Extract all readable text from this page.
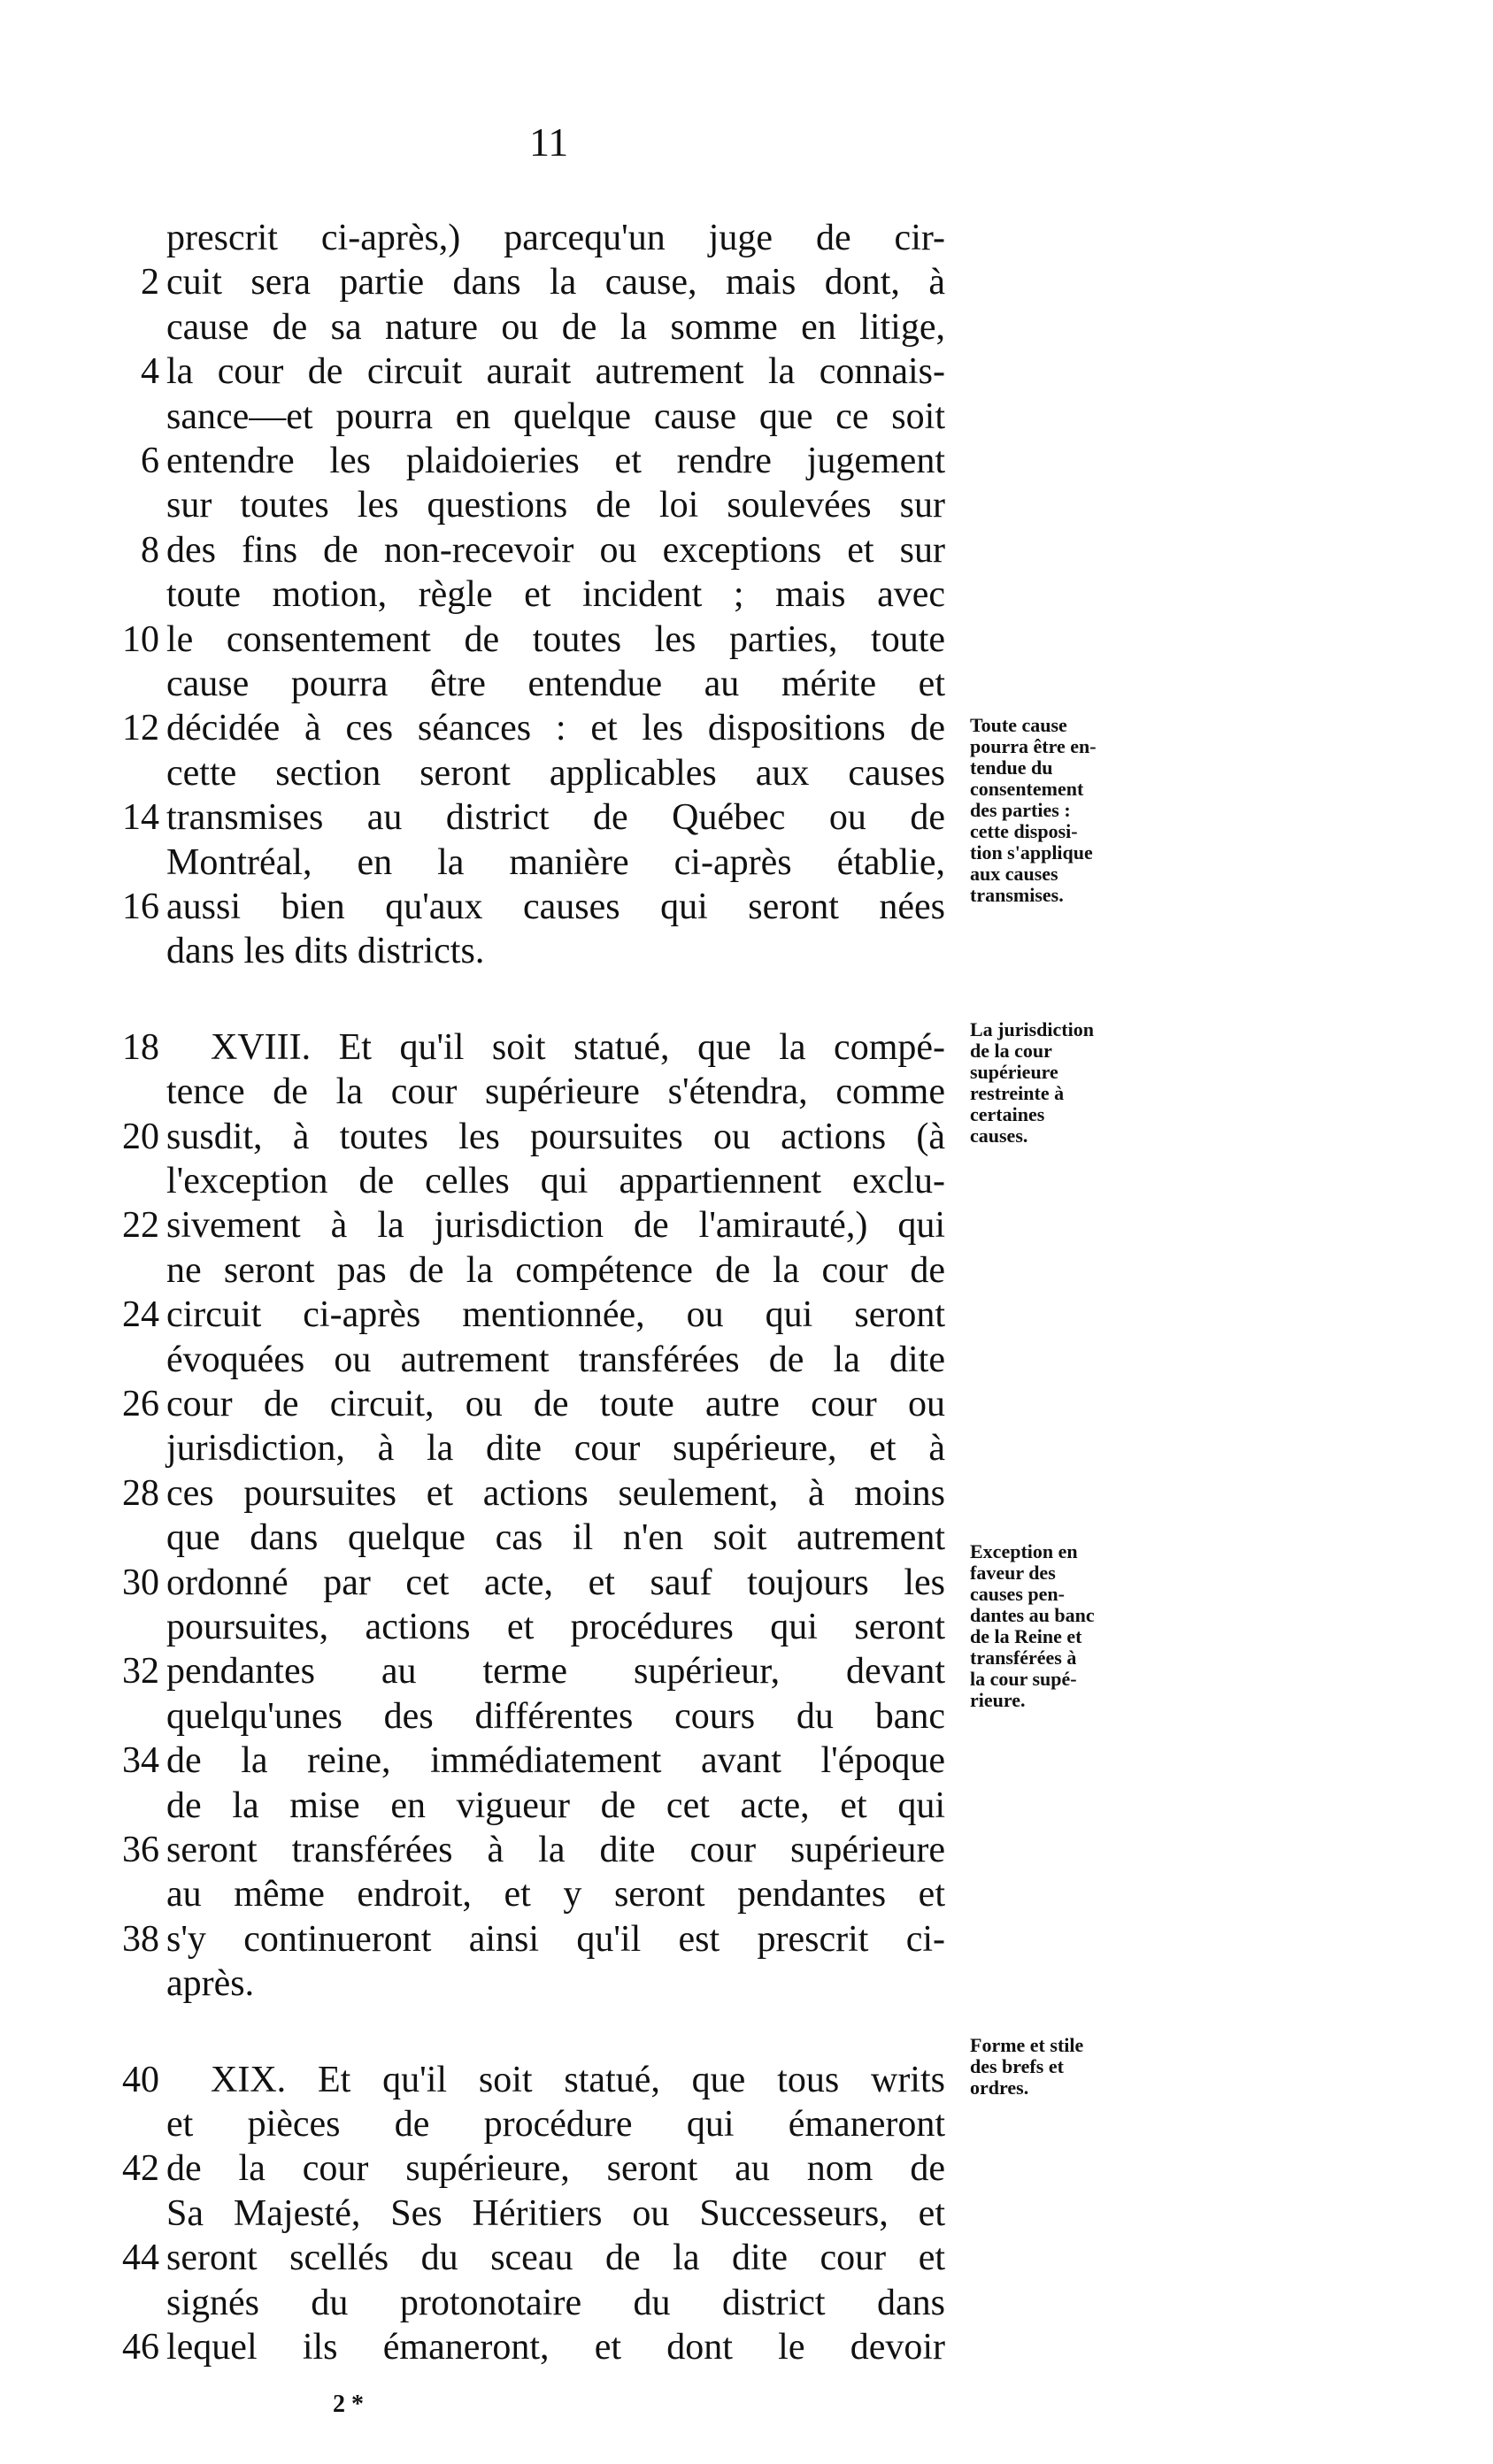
11
prescrit ci-après,) parcequ'un juge de cir-
2 cuit sera partie dans la cause, mais dont, à
cause de sa nature ou de la somme en litige,
4 la cour de circuit aurait autrement la connais-
sance—et pourra en quelque cause que ce soit
6 entendre les plaidoieries et rendre jugement
sur toutes les questions de loi soulevées sur
8 des fins de non-recevoir ou exceptions et sur
toute motion, règle et incident ; mais avec
10 le consentement de toutes les parties, toute
cause pourra être entendue au mérite et
12 décidée à ces séances : et les dispositions de
cette section seront applicables aux causes
14 transmises au district de Québec ou de
Montréal, en la manière ci-après établie,
16 aussi bien qu'aux causes qui seront nées
dans les dits districts.
18 XVIII. Et qu'il soit statué, que la compé-
tence de la cour supérieure s'étendra, comme
20 susdit, à toutes les poursuites ou actions (à
l'exception de celles qui appartiennent exclu-
22 sivement à la jurisdiction de l'amirauté,) qui
ne seront pas de la compétence de la cour de
24 circuit ci-après mentionnée, ou qui seront
évoquées ou autrement transférées de la dite
26 cour de circuit, ou de toute autre cour ou
jurisdiction, à la dite cour supérieure, et à
28 ces poursuites et actions seulement, à moins
que dans quelque cas il n'en soit autrement
30 ordonné par cet acte, et sauf toujours les
poursuites, actions et procédures qui seront
32 pendantes au terme supérieur, devant
quelqu'unes des différentes cours du banc
34 de la reine, immédiatement avant l'époque
de la mise en vigueur de cet acte, et qui
36 seront transférées à la dite cour supérieure
au même endroit, et y seront pendantes et
38 s'y continueront ainsi qu'il est prescrit ci-
après.
40 XIX. Et qu'il soit statué, que tous writs
et pièces de procédure qui émaneront
42 de la cour supérieure, seront au nom de
Sa Majesté, Ses Héritiers ou Successeurs, et
44 seront scellés du sceau de la dite cour et
signés du protonotaire du district dans
46 lequel ils émaneront, et dont le devoir
Toute cause
pourra être en-
tendue du
consentement
des parties :
cette disposi-
tion s'applique
aux causes
transmises.
La jurisdiction
de la cour
supérieure
restreinte à
certaines
causes.
Exception en
faveur des
causes pen-
dantes au banc
de la Reine et
transférées à
la cour supé-
rieure.
Forme et stile
des brefs et
ordres.
2 *
